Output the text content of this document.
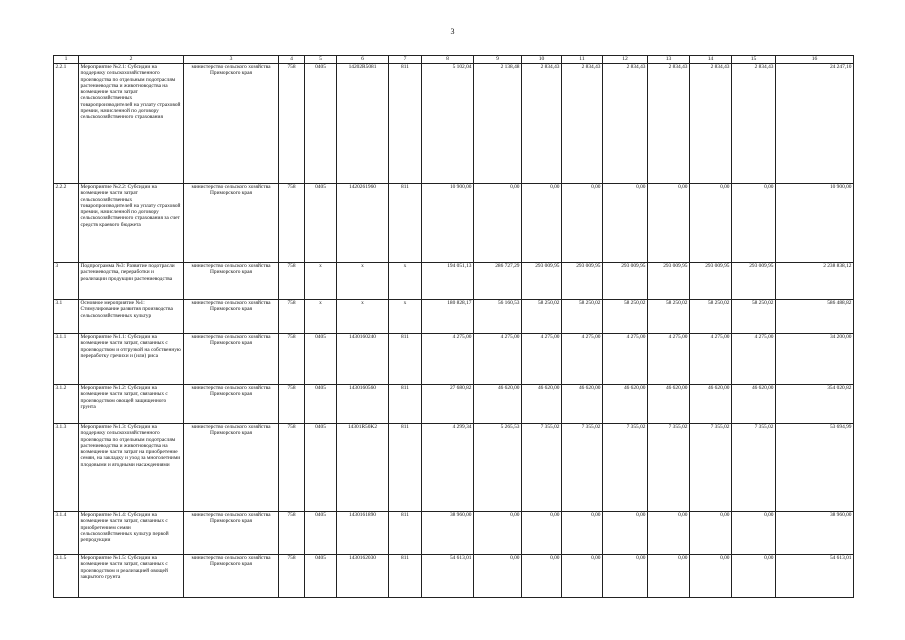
3
1	2	3	4	5	6	7	8	9	10	11	12	13	14	15	16
2.2.1	Мероприятие №2.1: Субсидии на поддержку сельскохозяйственного производства по отдельным подотраслям растениеводства и животноводства на возмещение части затрат сельскохозяйственных товаропроизводителей на уплату страховой премии, начисленной по договору сельскохозяйственного страхования	министерство сельского хозяйства Приморского края	758	0405	14202R5081	811	5 102,04	2 138,48	2 834,43	2 834,43	2 834,43	2 834,43	2 834,43	2 834,43	24 247,10
2.2.2	Мероприятие №2.2: Субсидии на возмещение части затрат сельскохозяйственных товаропроизводителей на уплату страховой премии, начисленной по договору сельскохозяйственного страхования за счет средств краевого бюджета	министерство сельского хозяйства Приморского края	758	0405	1420261960	811	10 900,00	0,00	0,00	0,00	0,00	0,00	0,00	0,00	10 900,00
3	Подпрограмма №3: Развитие подотрасли растениеводства, переработки и реализации продукции растениеводства	министерство сельского хозяйства Приморского края	758	х	х	х	194 051,13	286 727,29	293 009,95	293 009,95	293 009,95	293 009,95	293 009,95	293 009,95	2 238 838,12
3.1	Основное мероприятие №1: Стимулирование развития производства сельскохозяйственных культур	министерство сельского хозяйства Приморского края	758	х	х	х	180 828,17	56 160,53	58 250,02	58 250,02	58 250,02	58 250,02	58 250,02	58 250,02	586 488,82
3.1.1	Мероприятие №1.1: Субсидии на возмещение части затрат, связанных с производством и отгрузкой на собственную переработку гречихи и (или) риса	министерство сельского хозяйства Приморского края	758	0405	1430160240	811	4 275,00	4 275,00	4 275,00	4 275,00	4 275,00	4 275,00	4 275,00	4 275,00	34 200,00
3.1.2	Мероприятие №1.2: Субсидии на возмещение части затрат, связанных с производством овощей защищенного грунта	министерство сельского хозяйства Приморского края	758	0405	1430160560	811	27 680,82	46 620,00	46 620,00	46 620,00	46 620,00	46 620,00	46 620,00	46 620,00	354 020,82
3.1.3	Мероприятие №1.3: Субсидии на поддержку сельскохозяйственного производства по отдельным подотраслям растениеводства и животноводства на возмещение части затрат на приобретение семян, на закладку и уход за многолетними плодовыми и ягодными насаждениями	министерство сельского хозяйства Приморского края	758	0405	14301R50K2	811	4 299,34	5 265,53	7 355,02	7 355,02	7 355,02	7 355,02	7 355,02	7 355,02	53 694,99
3.1.4	Мероприятие №1.4: Субсидии на возмещение части затрат, связанных с приобретением семян сельскохозяйственных культур первой репродукции	министерство сельского хозяйства Приморского края	758	0405	1430161890	811	38 960,00	0,00	0,00	0,00	0,00	0,00	0,00	0,00	38 960,00
3.1.5	Мероприятие №1.5: Субсидии на возмещение части затрат, связанных с производством и реализацией овощей закрытого грунта	министерство сельского хозяйства Приморского края	758	0405	1430162030	811	54 613,01	0,00	0,00	0,00	0,00	0,00	0,00	0,00	54 613,01
